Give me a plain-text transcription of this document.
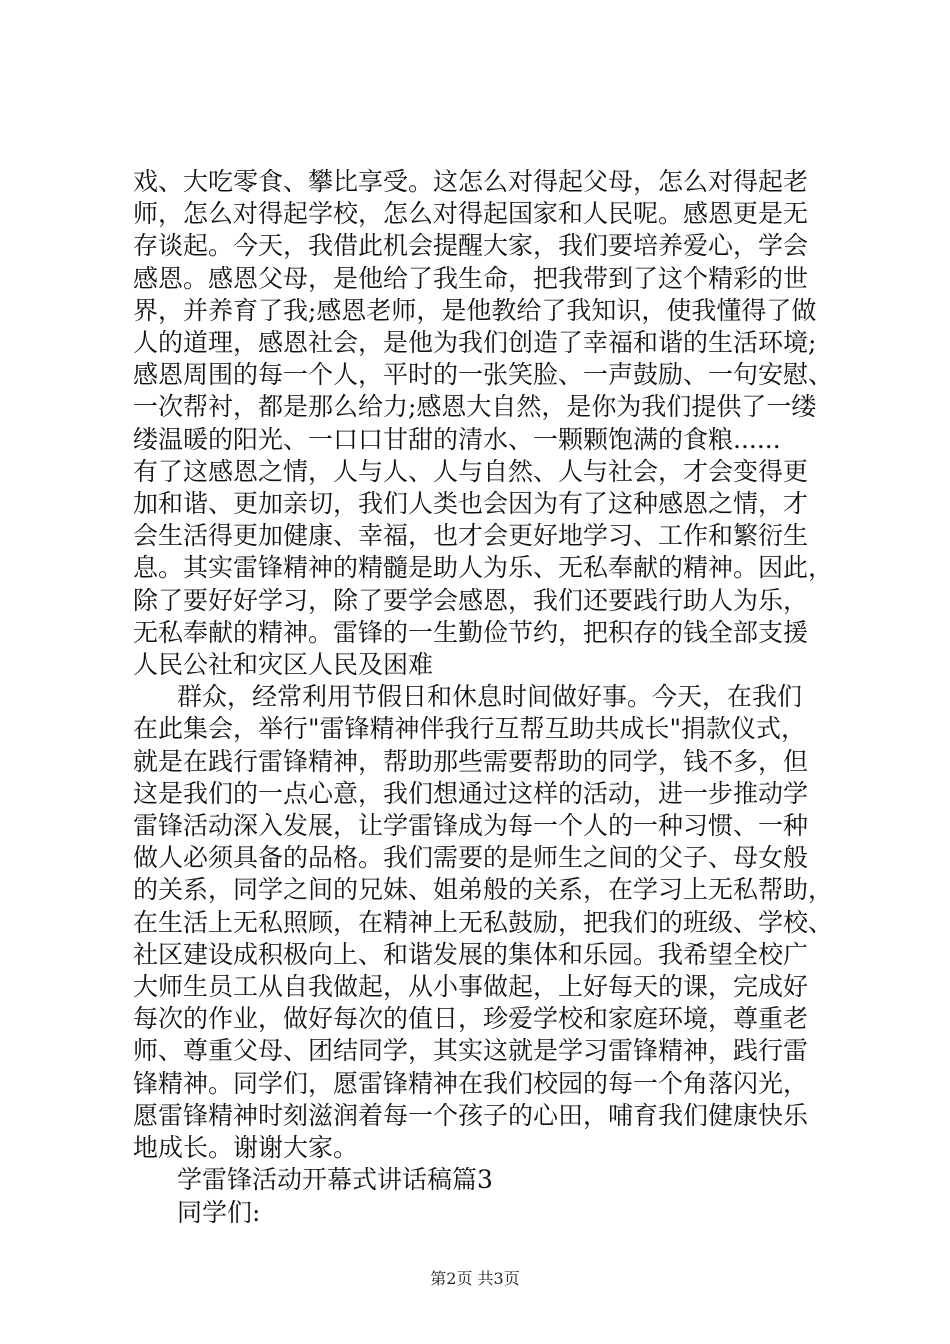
戏、大吃零食、攀比享受。这怎么对得起父母，怎么对得起老
师，怎么对得起学校，怎么对得起国家和人民呢。感恩更是无
存谈起。今天，我借此机会提醒大家，我们要培养爱心，学会
感恩。感恩父母，是他给了我生命，把我带到了这个精彩的世
界，并养育了我;感恩老师，是他教给了我知识，使我懂得了做
人的道理，感恩社会，是他为我们创造了幸福和谐的生活环境;
感恩周围的每一个人，平时的一张笑脸、一声鼓励、一句安慰、
一次帮衬，都是那么给力;感恩大自然，是你为我们提供了一缕
缕温暖的阳光、一口口甘甜的清水、一颗颗饱满的食粮......
有了这感恩之情，人与人、人与自然、人与社会，才会变得更
加和谐、更加亲切，我们人类也会因为有了这种感恩之情，才
会生活得更加健康、幸福，也才会更好地学习、工作和繁衍生
息。其实雷锋精神的精髓是助人为乐、无私奉献的精神。因此，
除了要好好学习，除了要学会感恩，我们还要践行助人为乐，
无私奉献的精神。雷锋的一生勤俭节约，把积存的钱全部支援
人民公社和灾区人民及困难
群众，经常利用节假日和休息时间做好事。今天，在我们
在此集会，举行"雷锋精神伴我行互帮互助共成长"捐款仪式，
就是在践行雷锋精神，帮助那些需要帮助的同学，钱不多，但
这是我们的一点心意，我们想通过这样的活动，进一步推动学
雷锋活动深入发展，让学雷锋成为每一个人的一种习惯、一种
做人必须具备的品格。我们需要的是师生之间的父子、母女般
的关系，同学之间的兄妹、姐弟般的关系，在学习上无私帮助，
在生活上无私照顾，在精神上无私鼓励，把我们的班级、学校、
社区建设成积极向上、和谐发展的集体和乐园。我希望全校广
大师生员工从自我做起，从小事做起，上好每天的课，完成好
每次的作业，做好每次的值日，珍爱学校和家庭环境，尊重老
师、尊重父母、团结同学，其实这就是学习雷锋精神，践行雷
锋精神。同学们，愿雷锋精神在我们校园的每一个角落闪光，
愿雷锋精神时刻滋润着每一个孩子的心田，哺育我们健康快乐
地成长。谢谢大家。
学雷锋活动开幕式讲话稿篇3
同学们:
第2页 共3页
